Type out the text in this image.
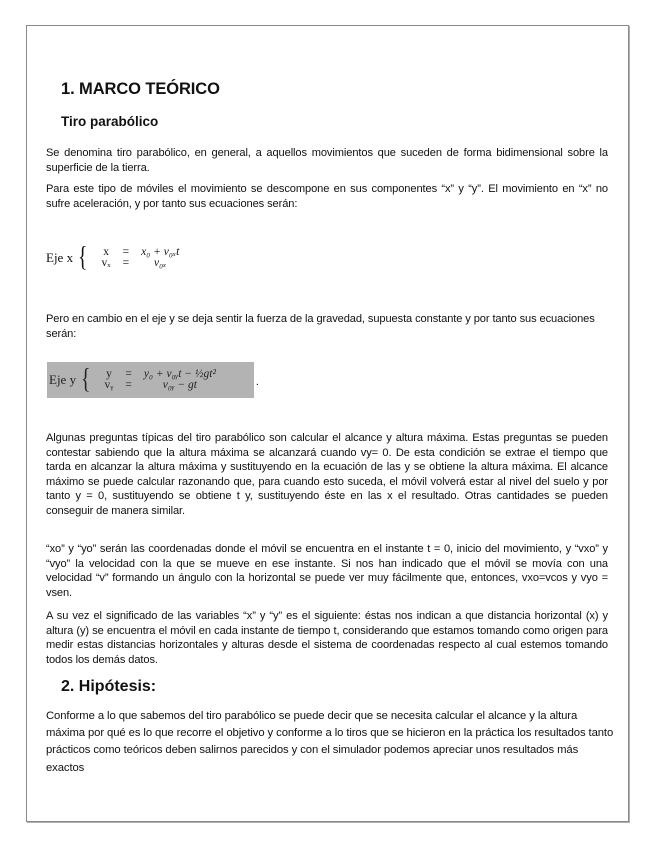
1. MARCO TEÓRICO
Tiro parabólico
Se denomina tiro parabólico, en general, a aquellos movimientos que suceden de forma bidimensional sobre la superficie de la tierra.
Para este tipo de móviles el movimiento se descompone en sus componentes “x” y “y”. El movimiento en “x” no sufre aceleración, y por tanto sus ecuaciones serán:
Eje x { x	=	x₀ + v₀ₓt
vₓ	=	v₀ₓ
Pero en cambio en el eje y se deja sentir la fuerza de la gravedad, supuesta constante y por tanto sus ecuaciones serán:
Eje y { y	=	y₀ + v₀ᵧt − ½gt²
vᵧ	=	v₀ᵧ − gt	.
Algunas preguntas típicas del tiro parabólico son calcular el alcance y altura máxima. Estas preguntas se pueden contestar sabiendo que la altura máxima se alcanzará cuando vy= 0. De esta condición se extrae el tiempo que tarda en alcanzar la altura máxima y sustituyendo en la ecuación de las y se obtiene la altura máxima. El alcance máximo se puede calcular razonando que, para cuando esto suceda, el móvil volverá estar al nivel del suelo y por tanto y = 0, sustituyendo se obtiene t y, sustituyendo éste en las x el resultado. Otras cantidades se pueden conseguir de manera similar.
“xo” y “yo” serán las coordenadas donde el móvil se encuentra en el instante t = 0, inicio del movimiento, y “vxo” y “vyo” la velocidad con la que se mueve en ese instante. Si nos han indicado que el móvil se movía con una velocidad “v” formando un ángulo con la horizontal se puede ver muy fácilmente que, entonces, vxo=vcos y vyo = vsen.
A su vez el significado de las variables “x” y “y” es el siguiente: éstas nos indican a que distancia horizontal (x) y altura (y) se encuentra el móvil en cada instante de tiempo t, considerando que estamos tomando como origen para medir estas distancias horizontales y alturas desde el sistema de coordenadas respecto al cual estemos tomando todos los demás datos.
2. Hipótesis:
Conforme a lo que sabemos del tiro parabólico se puede decir que se necesita calcular el alcance y la altura máxima por qué es lo que recorre el objetivo y conforme a lo tiros que se hicieron en la práctica los resultados tanto prácticos como teóricos deben salirnos parecidos y con el simulador podemos apreciar unos resultados más exactos
